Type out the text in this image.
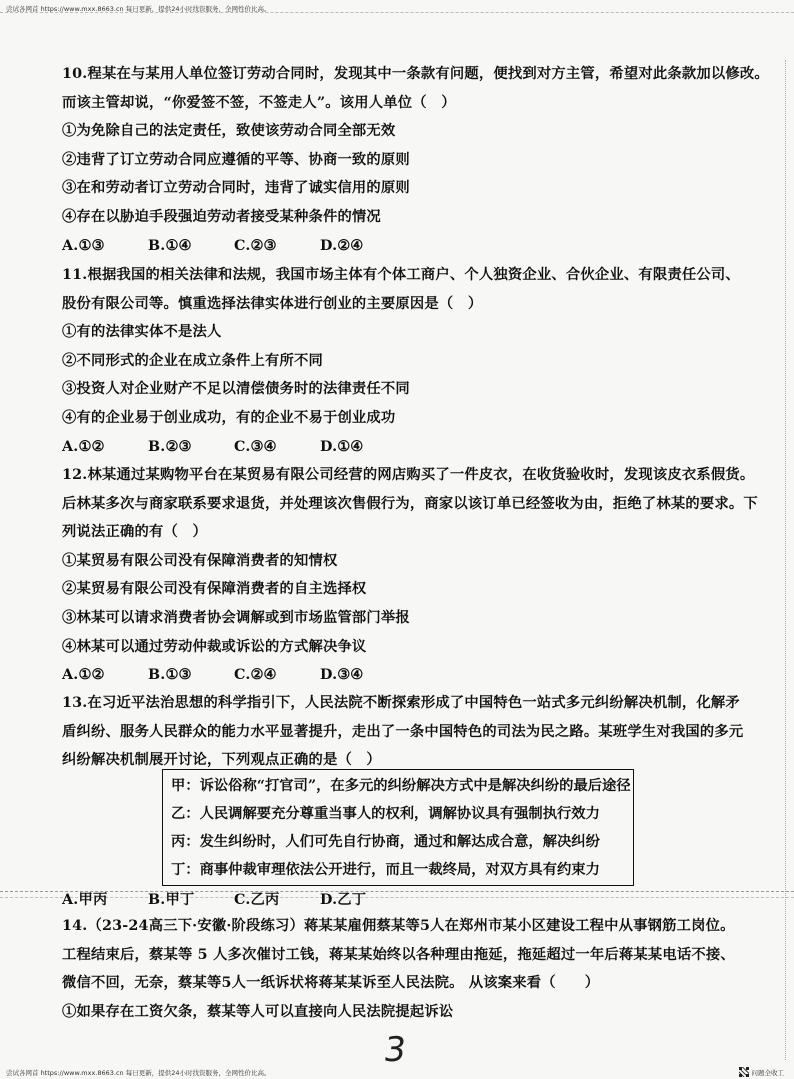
尝试各网首 https://www.mxx.8663.cn 每日更新，提供24小时找资服务，全网性价比高。

10.程某在与某用人单位签订劳动合同时，发现其中一条款有问题，便找到对方主管，希望对此条款加以修改。

而该主管却说，“你爱签不签，不签走人”。该用人单位（　）

①为免除自己的法定责任，致使该劳动合同全部无效

②违背了订立劳动合同应遵循的平等、协商一致的原则

③在和劳动者订立劳动合同时，违背了诚实信用的原则

④存在以胁迫手段强迫劳动者接受某种条件的情况

A.①③	B.①④	C.②③	D.②④

11.根据我国的相关法律和法规，我国市场主体有个体工商户、个人独资企业、合伙企业、有限责任公司、

股份有限公司等。慎重选择法律实体进行创业的主要原因是（　）

①有的法律实体不是法人

②不同形式的企业在成立条件上有所不同

③投资人对企业财产不足以清偿债务时的法律责任不同

④有的企业易于创业成功，有的企业不易于创业成功

A.①②	B.②③	C.③④	D.①④

12.林某通过某购物平台在某贸易有限公司经营的网店购买了一件皮衣，在收货验收时，发现该皮衣系假货。

后林某多次与商家联系要求退货，并处理该次售假行为，商家以该订单已经签收为由，拒绝了林某的要求。下

列说法正确的有（　）

①某贸易有限公司没有保障消费者的知情权

②某贸易有限公司没有保障消费者的自主选择权

③林某可以请求消费者协会调解或到市场监管部门举报

④林某可以通过劳动仲裁或诉讼的方式解决争议

A.①②	B.①③	C.②④	D.③④

13.在习近平法治思想的科学指引下，人民法院不断探索形成了中国特色一站式多元纠纷解决机制，化解矛

盾纠纷、服务人民群众的能力水平显著提升，走出了一条中国特色的司法为民之路。某班学生对我国的多元

纠纷解决机制展开讨论，下列观点正确的是（　）

甲：诉讼俗称“打官司”，在多元的纠纷解决方式中是解决纠纷的最后途径

乙：人民调解要充分尊重当事人的权利，调解协议具有强制执行效力

丙：发生纠纷时，人们可先自行协商，通过和解达成合意，解决纠纷

丁：商事仲裁审理依法公开进行，而且一裁终局，对双方具有约束力

A.甲丙	B.甲丁	C.乙丙	D.乙丁

14.（23-24高三下·安徽·阶段练习）蒋某某雇佣蔡某等5人在郑州市某小区建设工程中从事钢筋工岗位。

工程结束后，蔡某等 5 人多次催讨工钱，蒋某某始终以各种理由拖延，拖延超过一年后蒋某某电话不接、

微信不回，无奈，蔡某等5人一纸诉状将蒋某某诉至人民法院。 从该案来看（　　）

①如果存在工资欠条，蔡某等人可以直接向人民法院提起诉讼

3
尝试各网首 https://www.mxx.8663.cn 每日更新，提供24小时找资服务，全网性价比高。	问题全收工
